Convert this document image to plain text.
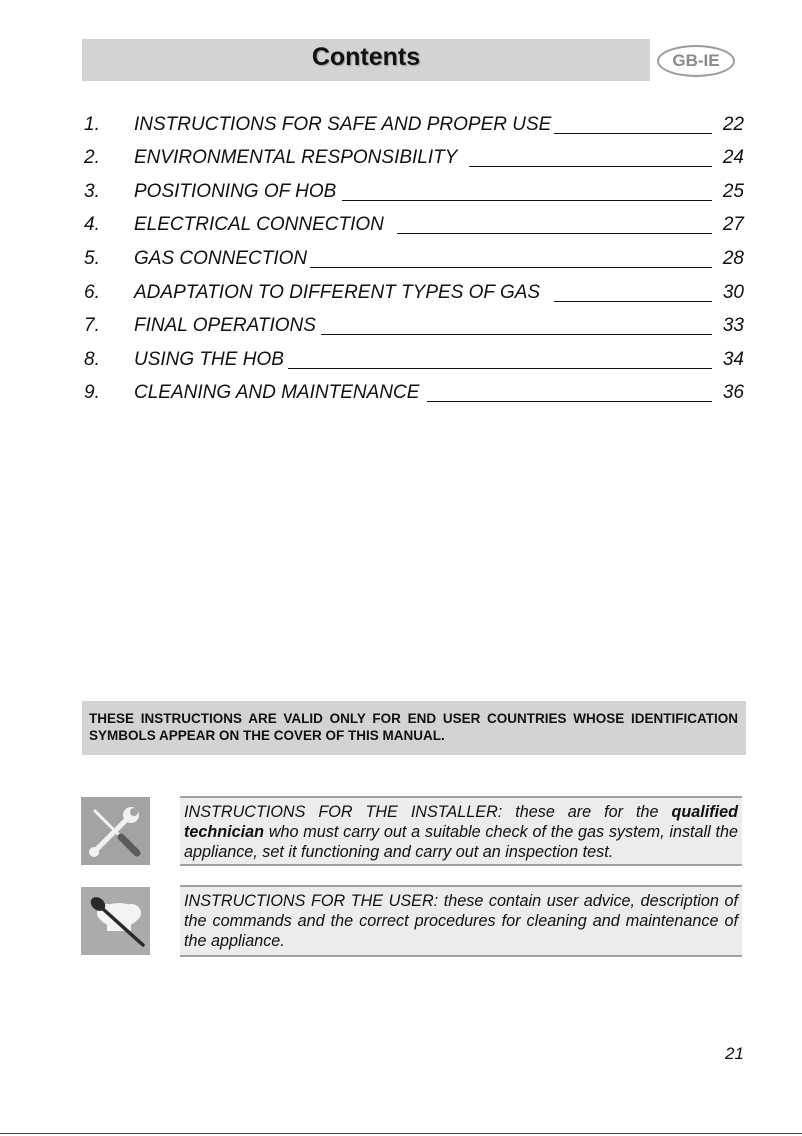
Contents	GB-IE
1. INSTRUCTIONS FOR SAFE AND PROPER USE	22
2. ENVIRONMENTAL RESPONSIBILITY	24
3. POSITIONING OF HOB	25
4. ELECTRICAL CONNECTION	27
5. GAS CONNECTION	28
6. ADAPTATION TO DIFFERENT TYPES OF GAS	30
7. FINAL OPERATIONS	33
8. USING THE HOB	34
9. CLEANING AND MAINTENANCE	36
THESE INSTRUCTIONS ARE VALID ONLY FOR END USER COUNTRIES WHOSE IDENTIFICATION SYMBOLS APPEAR ON THE COVER OF THIS MANUAL.
INSTRUCTIONS FOR THE INSTALLER: these are for the qualified technician who must carry out a suitable check of the gas system, install the appliance, set it functioning and carry out an inspection test.
INSTRUCTIONS FOR THE USER: these contain user advice, description of the commands and the correct procedures for cleaning and maintenance of the appliance.
21
